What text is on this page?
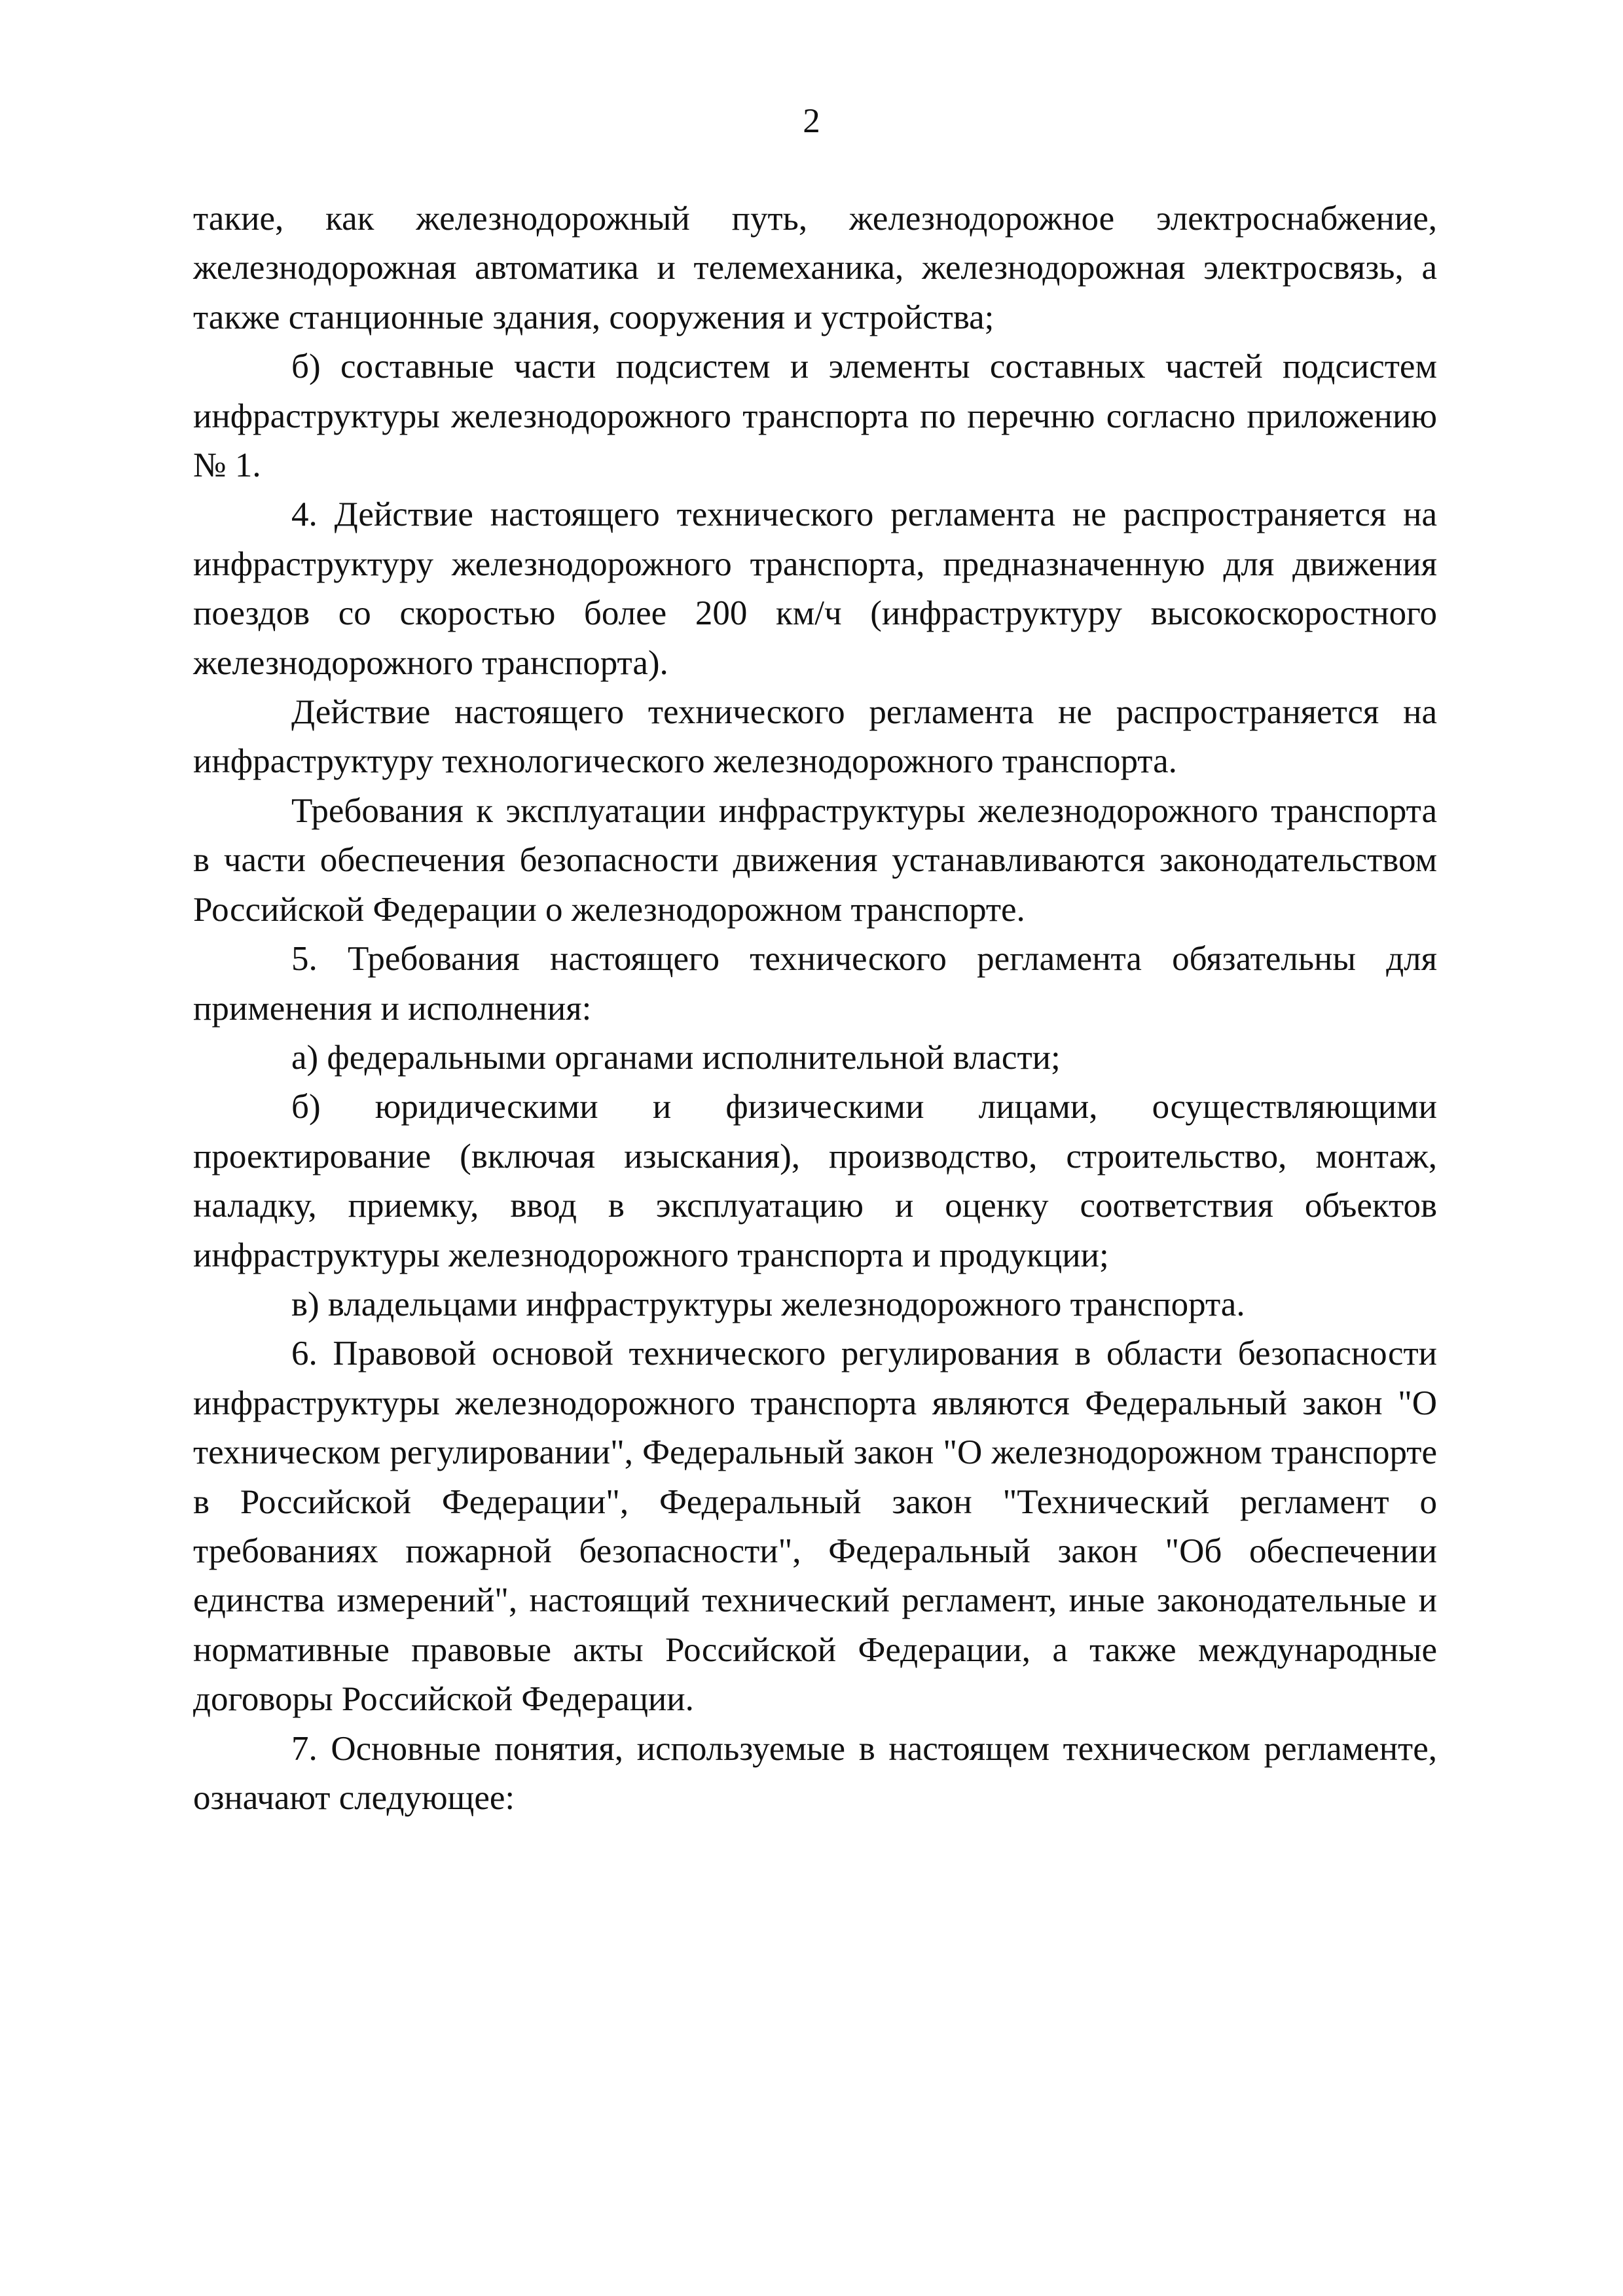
2

такие, как железнодорожный путь, железнодорожное электроснабжение, железнодорожная автоматика и телемеханика, железнодорожная электросвязь, а также станционные здания, сооружения и устройства;

б) составные части подсистем и элементы составных частей подсистем инфраструктуры железнодорожного транспорта по перечню согласно приложению № 1.

4. Действие настоящего технического регламента не распространяется на инфраструктуру железнодорожного транспорта, предназначенную для движения поездов со скоростью более 200 км/ч (инфраструктуру высокоскоростного железнодорожного транспорта).

Действие настоящего технического регламента не распространяется на инфраструктуру технологического железнодорожного транспорта.

Требования к эксплуатации инфраструктуры железнодорожного транспорта в части обеспечения безопасности движения устанавливаются законодательством Российской Федерации о железнодорожном транспорте.

5. Требования настоящего технического регламента обязательны для применения и исполнения:

а) федеральными органами исполнительной власти;

б) юридическими и физическими лицами, осуществляющими проектирование (включая изыскания), производство, строительство, монтаж, наладку, приемку, ввод в эксплуатацию и оценку соответствия объектов инфраструктуры железнодорожного транспорта и продукции;

в) владельцами инфраструктуры железнодорожного транспорта.

6. Правовой основой технического регулирования в области безопасности инфраструктуры железнодорожного транспорта являются Федеральный закон "О техническом регулировании", Федеральный закон "О железнодорожном транспорте в Российской Федерации", Федеральный закон "Технический регламент о требованиях пожарной безопасности", Федеральный закон "Об обеспечении единства измерений", настоящий технический регламент, иные законодательные и нормативные правовые акты Российской Федерации, а также международные договоры Российской Федерации.

7. Основные понятия, используемые в настоящем техническом регламенте, означают следующее:
